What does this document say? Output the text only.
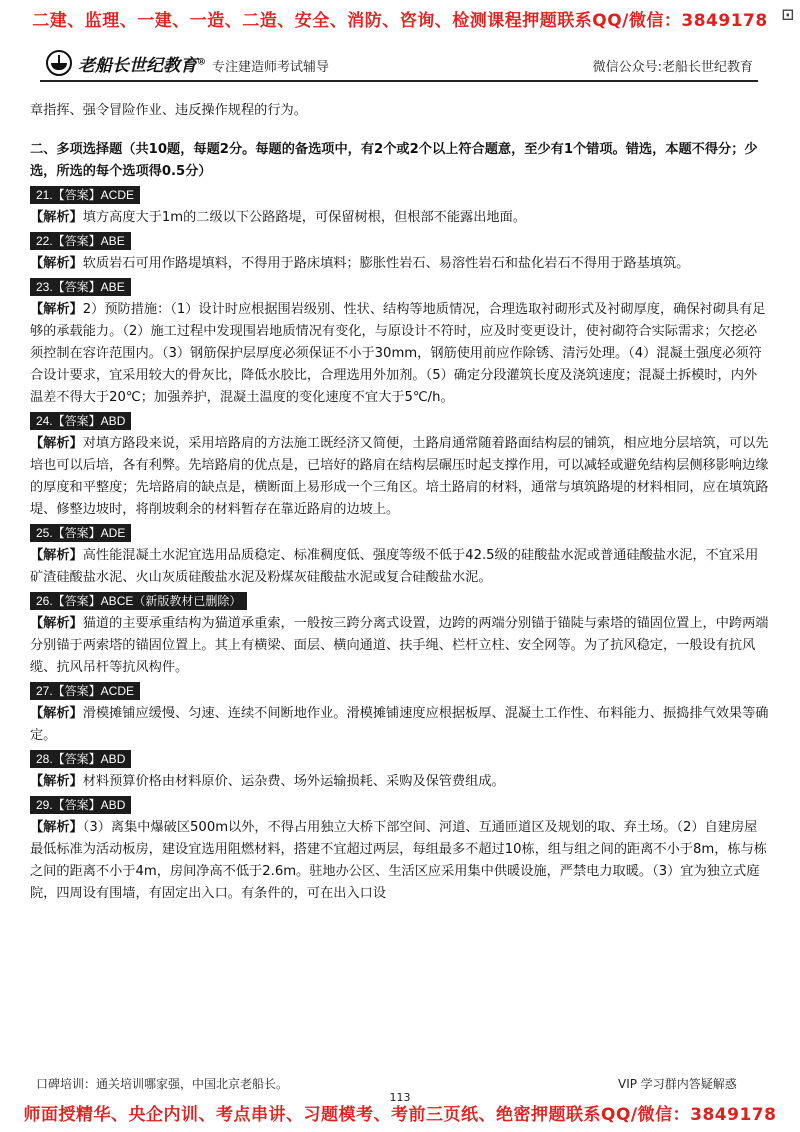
二建、监理、一建、一造、二造、安全、消防、咨询、检测课程押题联系QQ/微信：3849178 ⊡
老船长世纪教育® 专注建造师考试辅导	微信公众号:老船长世纪教育

章指挥、强令冒险作业、违反操作规程的行为。

二、多项选择题（共10题，每题2分。每题的备选项中，有2个或2个以上符合题意，至少有1个错项。错选，本题不得分；少选，所选的每个选项得0.5分）

21.【答案】ACDE

【解析】填方高度大于1m的二级以下公路路堤，可保留树根，但根部不能露出地面。

22.【答案】ABE

【解析】软质岩石可用作路堤填料，不得用于路床填料；膨胀性岩石、易溶性岩石和盐化岩石不得用于路基填筑。

23.【答案】ABE

【解析】2）预防措施：（1）设计时应根据围岩级别、性状、结构等地质情况，合理选取衬砌形式及衬砌厚度，确保衬砌具有足够的承载能力。（2）施工过程中发现围岩地质情况有变化，与原设计不符时，应及时变更设计，使衬砌符合实际需求；欠挖必须控制在容许范围内。（3）钢筋保护层厚度必须保证不小于30mm，钢筋使用前应作除锈、清污处理。（4）混凝土强度必须符合设计要求，宜采用较大的骨灰比，降低水胶比，合理选用外加剂。（5）确定分段灌筑长度及浇筑速度；混凝土拆模时，内外温差不得大于20℃；加强养护，混凝土温度的变化速度不宜大于5℃/h。

24.【答案】ABD

【解析】对填方路段来说，采用培路肩的方法施工既经济又简便，土路肩通常随着路面结构层的铺筑，相应地分层培筑，可以先培也可以后培，各有利弊。先培路肩的优点是，已培好的路肩在结构层碾压时起支撑作用，可以减轻或避免结构层侧移影响边缘的厚度和平整度；先培路肩的缺点是，横断面上易形成一个三角区。培土路肩的材料，通常与填筑路堤的材料相同，应在填筑路堤、修整边坡时，将削坡剩余的材料暂存在靠近路肩的边坡上。

25.【答案】ADE

【解析】高性能混凝土水泥宜选用品质稳定、标准稠度低、强度等级不低于42.5级的硅酸盐水泥或普通硅酸盐水泥，不宜采用矿渣硅酸盐水泥、火山灰质硅酸盐水泥及粉煤灰硅酸盐水泥或复合硅酸盐水泥。

26.【答案】ABCE（新版教材已删除）

【解析】猫道的主要承重结构为猫道承重索，一般按三跨分离式设置，边跨的两端分别锚于锚陡与索塔的锚固位置上，中跨两端分别锚于两索塔的锚固位置上。其上有横梁、面层、横向通道、扶手绳、栏杆立柱、安全网等。为了抗风稳定，一般设有抗风缆、抗风吊杆等抗风构件。

27.【答案】ACDE

【解析】滑模摊铺应缓慢、匀速、连续不间断地作业。滑模摊铺速度应根据板厚、混凝土工作性、布料能力、振捣排气效果等确定。

28.【答案】ABD

【解析】材料预算价格由材料原价、运杂费、场外运输损耗、采购及保管费组成。

29.【答案】ABD

【解析】（3）离集中爆破区500m以外，不得占用独立大桥下部空间、河道、互通匝道区及规划的取、弃土场。（2）自建房屋最低标准为活动板房，建设宜选用阻燃材料，搭建不宜超过两层，每组最多不超过10栋，组与组之间的距离不小于8m，栋与栋之间的距离不小于4m，房间净高不低于2.6m。驻地办公区、生活区应采用集中供暖设施，严禁电力取暖。（3）宜为独立式庭院，四周设有围墙，有固定出入口。有条件的，可在出入口设

口碑培训：通关培训哪家强，中国北京老船长。	VIP 学习群内答疑解惑
113
师面授精华、央企内训、考点串讲、习题模考、考前三页纸、绝密押题联系QQ/微信：3849178
